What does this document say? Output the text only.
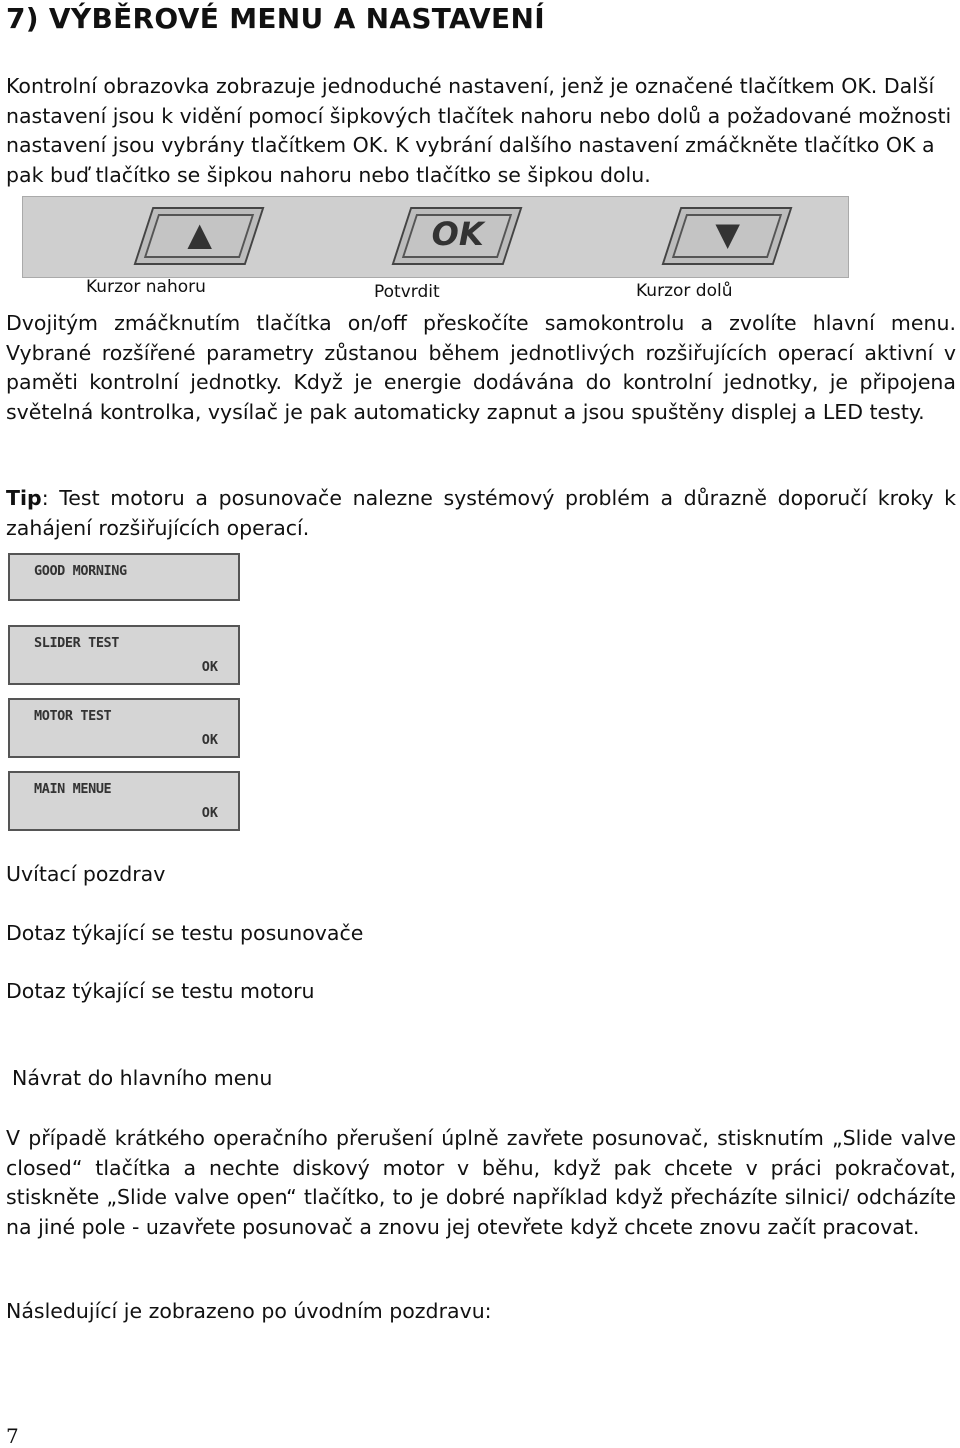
7) VÝBĚROVÉ MENU A NASTAVENÍ

Kontrolní obrazovka zobrazuje jednoduché nastavení, jenž je označené tlačítkem OK. Další nastavení jsou k vidění pomocí šipkových tlačítek nahoru nebo dolů a požadované možnosti nastavení jsou vybrány tlačítkem OK. K vybrání dalšího nastavení zmáčkněte tlačítko OK a pak buď tlačítko se šipkou nahoru nebo tlačítko se šipkou dolu.

▲	OK	▼
Kurzor nahoru	Potvrdit	Kurzor dolů

Dvojitým zmáčknutím tlačítka on/off přeskočíte samokontrolu a zvolíte hlavní menu. Vybrané rozšířené parametry zůstanou během jednotlivých rozšiřujících operací aktivní v paměti kontrolní jednotky. Když je energie dodávána do kontrolní jednotky, je připojena světelná kontrolka, vysílač je pak automaticky zapnut a jsou spuštěny displej a LED testy.

Tip: Test motoru a posunovače nalezne systémový problém a důrazně doporučí kroky k zahájení rozšiřujících operací.

GOOD MORNING
SLIDER TEST
OK
MOTOR TEST
OK
MAIN MENUE
OK

Uvítací pozdrav

Dotaz týkající se testu posunovače

Dotaz týkající se testu motoru

Návrat do hlavního menu

V případě krátkého operačního přerušení úplně zavřete posunovač, stisknutím „Slide valve closed“ tlačítka a nechte diskový motor v běhu, když pak chcete v práci pokračovat, stiskněte „Slide valve open“ tlačítko, to je dobré například když přecházíte silnici/ odcházíte na jiné pole - uzavřete posunovač a znovu jej otevřete když chcete znovu začít pracovat.

Následující je zobrazeno po úvodním pozdravu:

7
